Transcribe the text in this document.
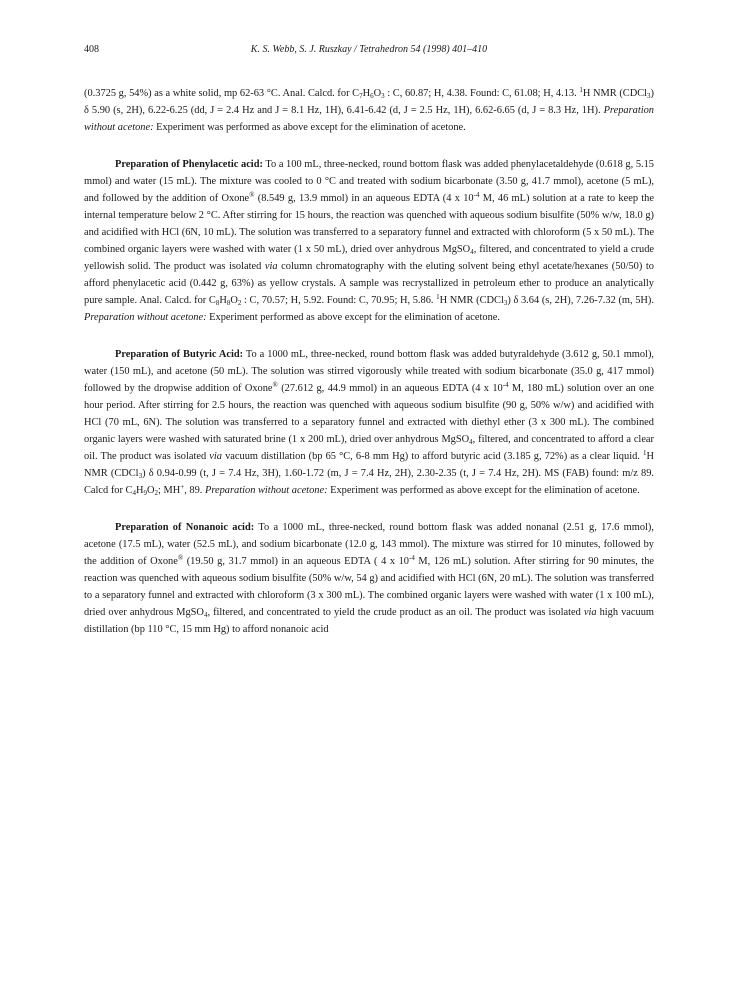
408	K. S. Webb, S. J. Ruszkay / Tetrahedron 54 (1998) 401–410

(0.3725 g, 54%) as a white solid, mp 62-63 °C. Anal. Calcd. for $C_7H_6O_3$ : C, 60.87; H, 4.38. Found: C, 61.08; H, 4.13. $^1$H NMR (CDCl$_3$) δ 5.90 (s, 2H), 6.22-6.25 (dd, J = 2.4 Hz and J = 8.1 Hz, 1H), 6.41-6.42 (d, J = 2.5 Hz, 1H), 6.62-6.65 (d, J = 8.3 Hz, 1H). Preparation without acetone: Experiment was performed as above except for the elimination of acetone.

Preparation of Phenylacetic acid: To a 100 mL, three-necked, round bottom flask was added phenylacetaldehyde (0.618 g, 5.15 mmol) and water (15 mL). The mixture was cooled to 0 °C and treated with sodium bicarbonate (3.50 g, 41.7 mmol), acetone (5 mL), and followed by the addition of Oxone® (8.549 g, 13.9 mmol) in an aqueous EDTA (4 x $10^{-4}$ M, 46 mL) solution at a rate to keep the internal temperature below 2 °C. After stirring for 15 hours, the reaction was quenched with aqueous sodium bisulfite (50% w/w, 18.0 g) and acidified with HCl (6N, 10 mL). The solution was transferred to a separatory funnel and extracted with chloroform (5 x 50 mL). The combined organic layers were washed with water (1 x 50 mL), dried over anhydrous MgSO$_4$, filtered, and concentrated to yield a crude yellowish solid. The product was isolated via column chromatography with the eluting solvent being ethyl acetate/hexanes (50/50) to afford phenylacetic acid (0.442 g, 63%) as yellow crystals. A sample was recrystallized in petroleum ether to produce an analytically pure sample. Anal. Calcd. for $C_8H_8O_2$ : C, 70.57; H, 5.92. Found: C, 70.95; H, 5.86. $^1$H NMR (CDCl$_3$) δ 3.64 (s, 2H), 7.26-7.32 (m, 5H). Preparation without acetone: Experiment performed as above except for the elimination of acetone.

Preparation of Butyric Acid: To a 1000 mL, three-necked, round bottom flask was added butyraldehyde (3.612 g, 50.1 mmol), water (150 mL), and acetone (50 mL). The solution was stirred vigorously while treated with sodium bicarbonate (35.0 g, 417 mmol) followed by the dropwise addition of Oxone® (27.612 g, 44.9 mmol) in an aqueous EDTA (4 x $10^{-4}$ M, 180 mL) solution over an one hour period. After stirring for 2.5 hours, the reaction was quenched with aqueous sodium bisulfite (90 g, 50% w/w) and acidified with HCl (70 mL, 6N). The solution was transferred to a separatory funnel and extracted with diethyl ether (3 x 300 mL). The combined organic layers were washed with saturated brine (1 x 200 mL), dried over anhydrous MgSO$_4$, filtered, and concentrated to afford a clear oil. The product was isolated via vacuum distillation (bp 65 °C, 6-8 mm Hg) to afford butyric acid (3.185 g, 72%) as a clear liquid. $^1$H NMR (CDCl$_3$) δ 0.94-0.99 (t, J = 7.4 Hz, 3H), 1.60-1.72 (m, J = 7.4 Hz, 2H), 2.30-2.35 (t, J = 7.4 Hz, 2H). MS (FAB) found: m/z 89. Calcd for $C_4H_9O_2$; MH+, 89. Preparation without acetone: Experiment was performed as above except for the elimination of acetone.

Preparation of Nonanoic acid: To a 1000 mL, three-necked, round bottom flask was added nonanal (2.51 g, 17.6 mmol), acetone (17.5 mL), water (52.5 mL), and sodium bicarbonate (12.0 g, 143 mmol). The mixture was stirred for 10 minutes, followed by the addition of Oxone® (19.50 g, 31.7 mmol) in an aqueous EDTA ( 4 x $10^{-4}$ M, 126 mL) solution. After stirring for 90 minutes, the reaction was quenched with aqueous sodium bisulfite (50% w/w, 54 g) and acidified with HCl (6N, 20 mL). The solution was transferred to a separatory funnel and extracted with chloroform (3 x 300 mL). The combined organic layers were washed with water (1 x 100 mL), dried over anhydrous MgSO$_4$, filtered, and concentrated to yield the crude product as an oil. The product was isolated via high vacuum distillation (bp 110 °C, 15 mm Hg) to afford nonanoic acid
